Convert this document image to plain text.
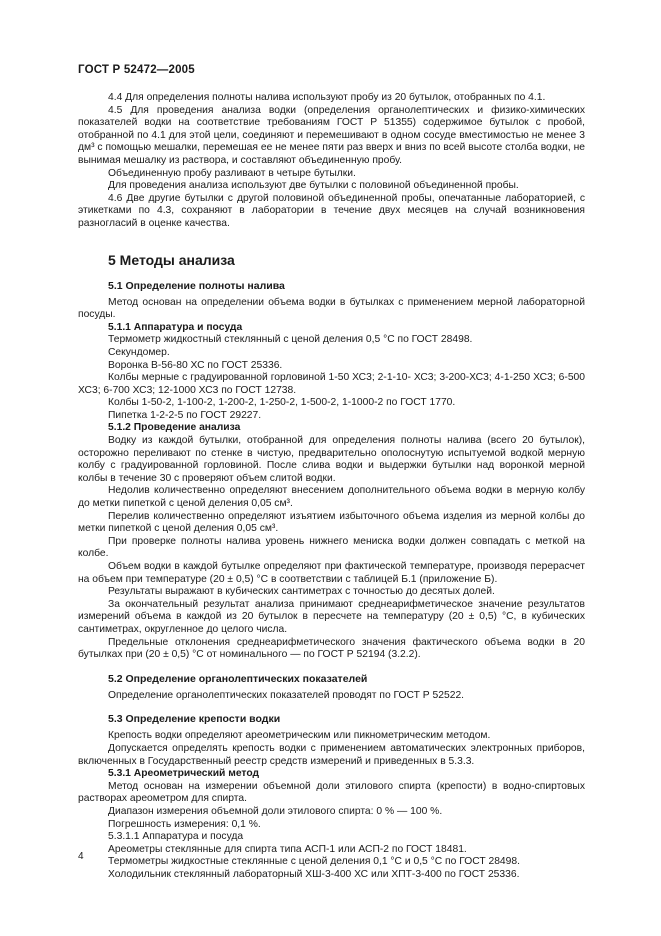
ГОСТ Р 52472—2005

4.4 Для определения полноты налива используют пробу из 20 бутылок, отобранных по 4.1.

4.5 Для проведения анализа водки (определения органолептических и физико-химических показателей водки на соответствие требованиям ГОСТ Р 51355) содержимое бутылок с пробой, отобранной по 4.1 для этой цели, соединяют и перемешивают в одном сосуде вместимостью не менее 3 дм³ с помощью мешалки, перемешая ее не менее пяти раз вверх и вниз по всей высоте столба водки, не вынимая мешалку из раствора, и составляют объединенную пробу.

Объединенную пробу разливают в четыре бутылки.

Для проведения анализа используют две бутылки с половиной объединенной пробы.

4.6 Две другие бутылки с другой половиной объединенной пробы, опечатанные лабораторией, с этикетками по 4.3, сохраняют в лаборатории в течение двух месяцев на случай возникновения разногласий в оценке качества.

5 Методы анализа
5.1 Определение полноты налива

Метод основан на определении объема водки в бутылках с применением мерной лабораторной посуды.

5.1.1 Аппаратура и посуда

Термометр жидкостный стеклянный с ценой деления 0,5 °С по ГОСТ 28498.

Секундомер.

Воронка В-56-80 ХС по ГОСТ 25336.

Колбы мерные с градуированной горловиной 1-50 ХС3; 2-1-10- ХС3; 3-200-ХС3; 4-1-250 ХС3; 6-500 ХС3; 6-700 ХС3; 12-1000 ХС3 по ГОСТ 12738.

Колбы 1-50-2, 1-100-2, 1-200-2, 1-250-2, 1-500-2, 1-1000-2 по ГОСТ 1770.

Пипетка 1-2-2-5 по ГОСТ 29227.

5.1.2 Проведение анализа

Водку из каждой бутылки, отобранной для определения полноты налива (всего 20 бутылок), осторожно переливают по стенке в чистую, предварительно ополоснутую испытуемой водкой мерную колбу с градуированной горловиной. После слива водки и выдержки бутылки над воронкой мерной колбы в течение 30 с проверяют объем слитой водки.

Недолив количественно определяют внесением дополнительного объема водки в мерную колбу до метки пипеткой с ценой деления 0,05 см³.

Перелив количественно определяют изъятием избыточного объема изделия из мерной колбы до метки пипеткой с ценой деления 0,05 см³.

При проверке полноты налива уровень нижнего мениска водки должен совпадать с меткой на колбе.

Объем водки в каждой бутылке определяют при фактической температуре, производя перерасчет на объем при температуре (20 ± 0,5) °С в соответствии с таблицей Б.1 (приложение Б).

Результаты выражают в кубических сантиметрах с точностью до десятых долей.

За окончательный результат анализа принимают среднеарифметическое значение результатов измерений объема в каждой из 20 бутылок в пересчете на температуру (20 ± 0,5) °С, в кубических сантиметрах, округленное до целого числа.

Предельные отклонения среднеарифметического значения фактического объема водки в 20 бутылках при (20 ± 0,5) °С от номинального — по ГОСТ Р 52194 (3.2.2).

5.2 Определение органолептических показателей

Определение органолептических показателей проводят по ГОСТ Р 52522.

5.3 Определение крепости водки

Крепость водки определяют ареометрическим или пикнометрическим методом.

Допускается определять крепость водки с применением автоматических электронных приборов, включенных в Государственный реестр средств измерений и приведенных в 5.3.3.

5.3.1 Ареометрический метод

Метод основан на измерении объемной доли этилового спирта (крепости) в водно-спиртовых растворах ареометром для спирта.

Диапазон измерения объемной доли этилового спирта: 0 % — 100 %.

Погрешность измерения: 0,1 %.

5.3.1.1 Аппаратура и посуда

Ареометры стеклянные для спирта типа АСП-1 или АСП-2 по ГОСТ 18481.

Термометры жидкостные стеклянные с ценой деления 0,1 °С и 0,5 °С по ГОСТ 28498.

Холодильник стеклянный лабораторный ХШ-3-400 ХС или ХПТ-3-400 по ГОСТ 25336.

4
